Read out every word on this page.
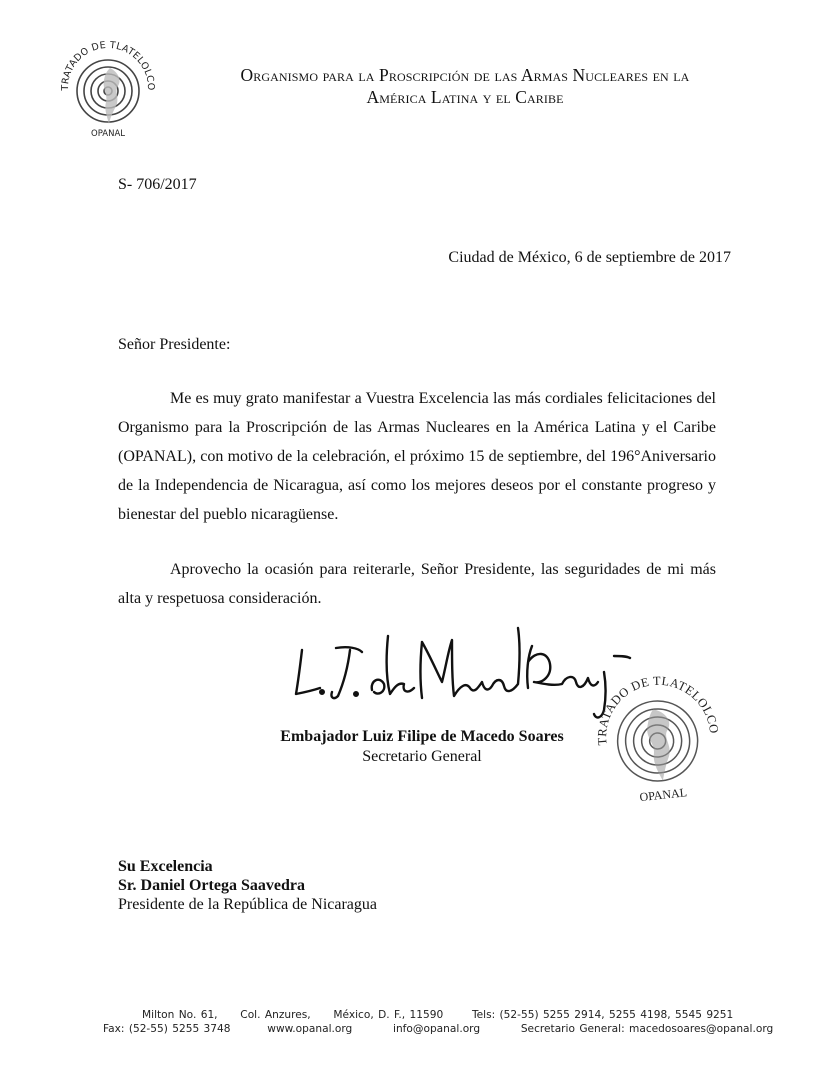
TRATADO DE TLATELOLCO
OPANAL
Organismo para la Proscripción de las Armas Nucleares en la
América Latina y el Caribe
S- 706/2017
Ciudad de México, 6 de septiembre de 2017
Señor Presidente:
Me es muy grato manifestar a Vuestra Excelencia las más cordiales felicitaciones del Organismo para la Proscripción de las Armas Nucleares en la América Latina y el Caribe (OPANAL), con motivo de la celebración, el próximo 15 de septiembre, del 196°Aniversario de la Independencia de Nicaragua, así como los mejores deseos por el constante progreso y bienestar del pueblo nicaragüense.
Aprovecho la ocasión para reiterarle, Señor Presidente, las seguridades de mi más alta y respetuosa consideración.
Embajador Luiz Filipe de Macedo Soares
Secretario General
TRATADO DE TLATELOLCO
OPANAL
Su Excelencia
Sr. Daniel Ortega Saavedra
Presidente de la República de Nicaragua
Milton No. 61, Col. Anzures, México, D. F., 11590	Tels: (52-55) 5255 2914, 5255 4198, 5545 9251
Fax: (52-55) 5255 3748	www.opanal.org	info@opanal.org	Secretario General: macedosoares@opanal.org
